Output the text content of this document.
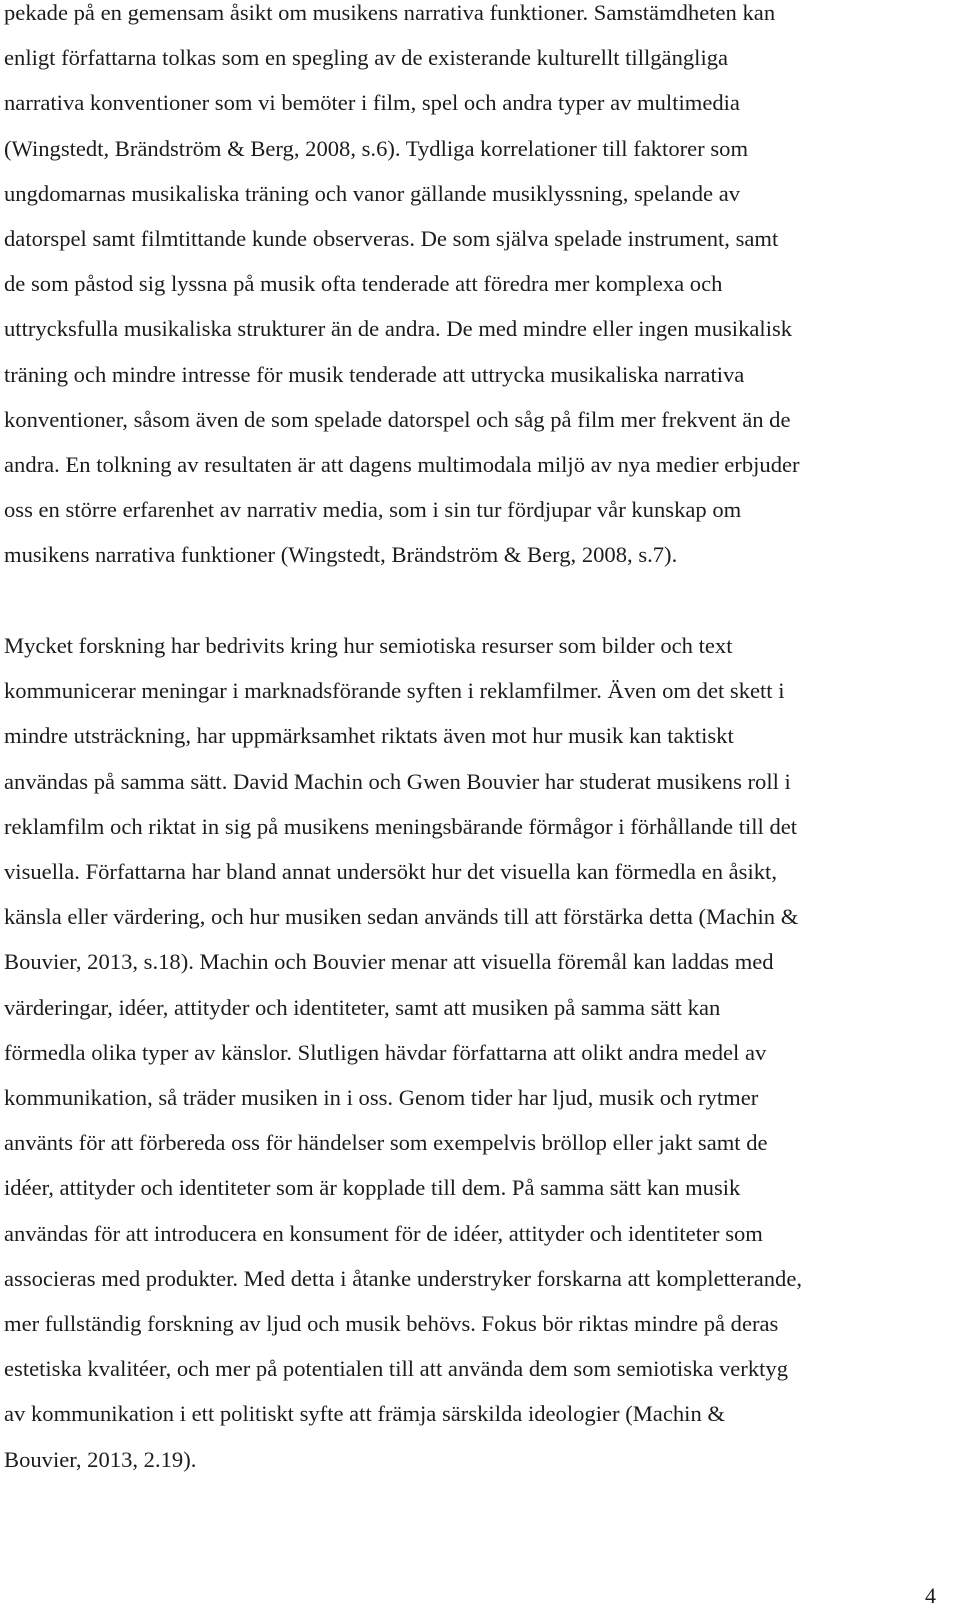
pekade på en gemensam åsikt om musikens narrativa funktioner. Samstämdheten kan
enligt författarna tolkas som en spegling av de existerande kulturellt tillgängliga
narrativa konventioner som vi bemöter i film, spel och andra typer av multimedia
(Wingstedt, Brändström & Berg, 2008, s.6). Tydliga korrelationer till faktorer som
ungdomarnas musikaliska träning och vanor gällande musiklyssning, spelande av
datorspel samt filmtittande kunde observeras. De som själva spelade instrument, samt
de som påstod sig lyssna på musik ofta tenderade att föredra mer komplexa och
uttrycksfulla musikaliska strukturer än de andra. De med mindre eller ingen musikalisk
träning och mindre intresse för musik tenderade att uttrycka musikaliska narrativa
konventioner, såsom även de som spelade datorspel och såg på film mer frekvent än de
andra. En tolkning av resultaten är att dagens multimodala miljö av nya medier erbjuder
oss en större erfarenhet av narrativ media, som i sin tur fördjupar vår kunskap om
musikens narrativa funktioner (Wingstedt, Brändström & Berg, 2008, s.7).

Mycket forskning har bedrivits kring hur semiotiska resurser som bilder och text
kommunicerar meningar i marknadsförande syften i reklamfilmer. Även om det skett i
mindre utsträckning, har uppmärksamhet riktats även mot hur musik kan taktiskt
användas på samma sätt. David Machin och Gwen Bouvier har studerat musikens roll i
reklamfilm och riktat in sig på musikens meningsbärande förmågor i förhållande till det
visuella. Författarna har bland annat undersökt hur det visuella kan förmedla en åsikt,
känsla eller värdering, och hur musiken sedan används till att förstärka detta (Machin &
Bouvier, 2013, s.18). Machin och Bouvier menar att visuella föremål kan laddas med
värderingar, idéer, attityder och identiteter, samt att musiken på samma sätt kan
förmedla olika typer av känslor. Slutligen hävdar författarna att olikt andra medel av
kommunikation, så träder musiken in i oss. Genom tider har ljud, musik och rytmer
använts för att förbereda oss för händelser som exempelvis bröllop eller jakt samt de
idéer, attityder och identiteter som är kopplade till dem. På samma sätt kan musik
användas för att introducera en konsument för de idéer, attityder och identiteter som
associeras med produkter. Med detta i åtanke understryker forskarna att kompletterande,
mer fullständig forskning av ljud och musik behövs. Fokus bör riktas mindre på deras
estetiska kvalitéer, och mer på potentialen till att använda dem som semiotiska verktyg
av kommunikation i ett politiskt syfte att främja särskilda ideologier (Machin &
Bouvier, 2013, 2.19).

4
